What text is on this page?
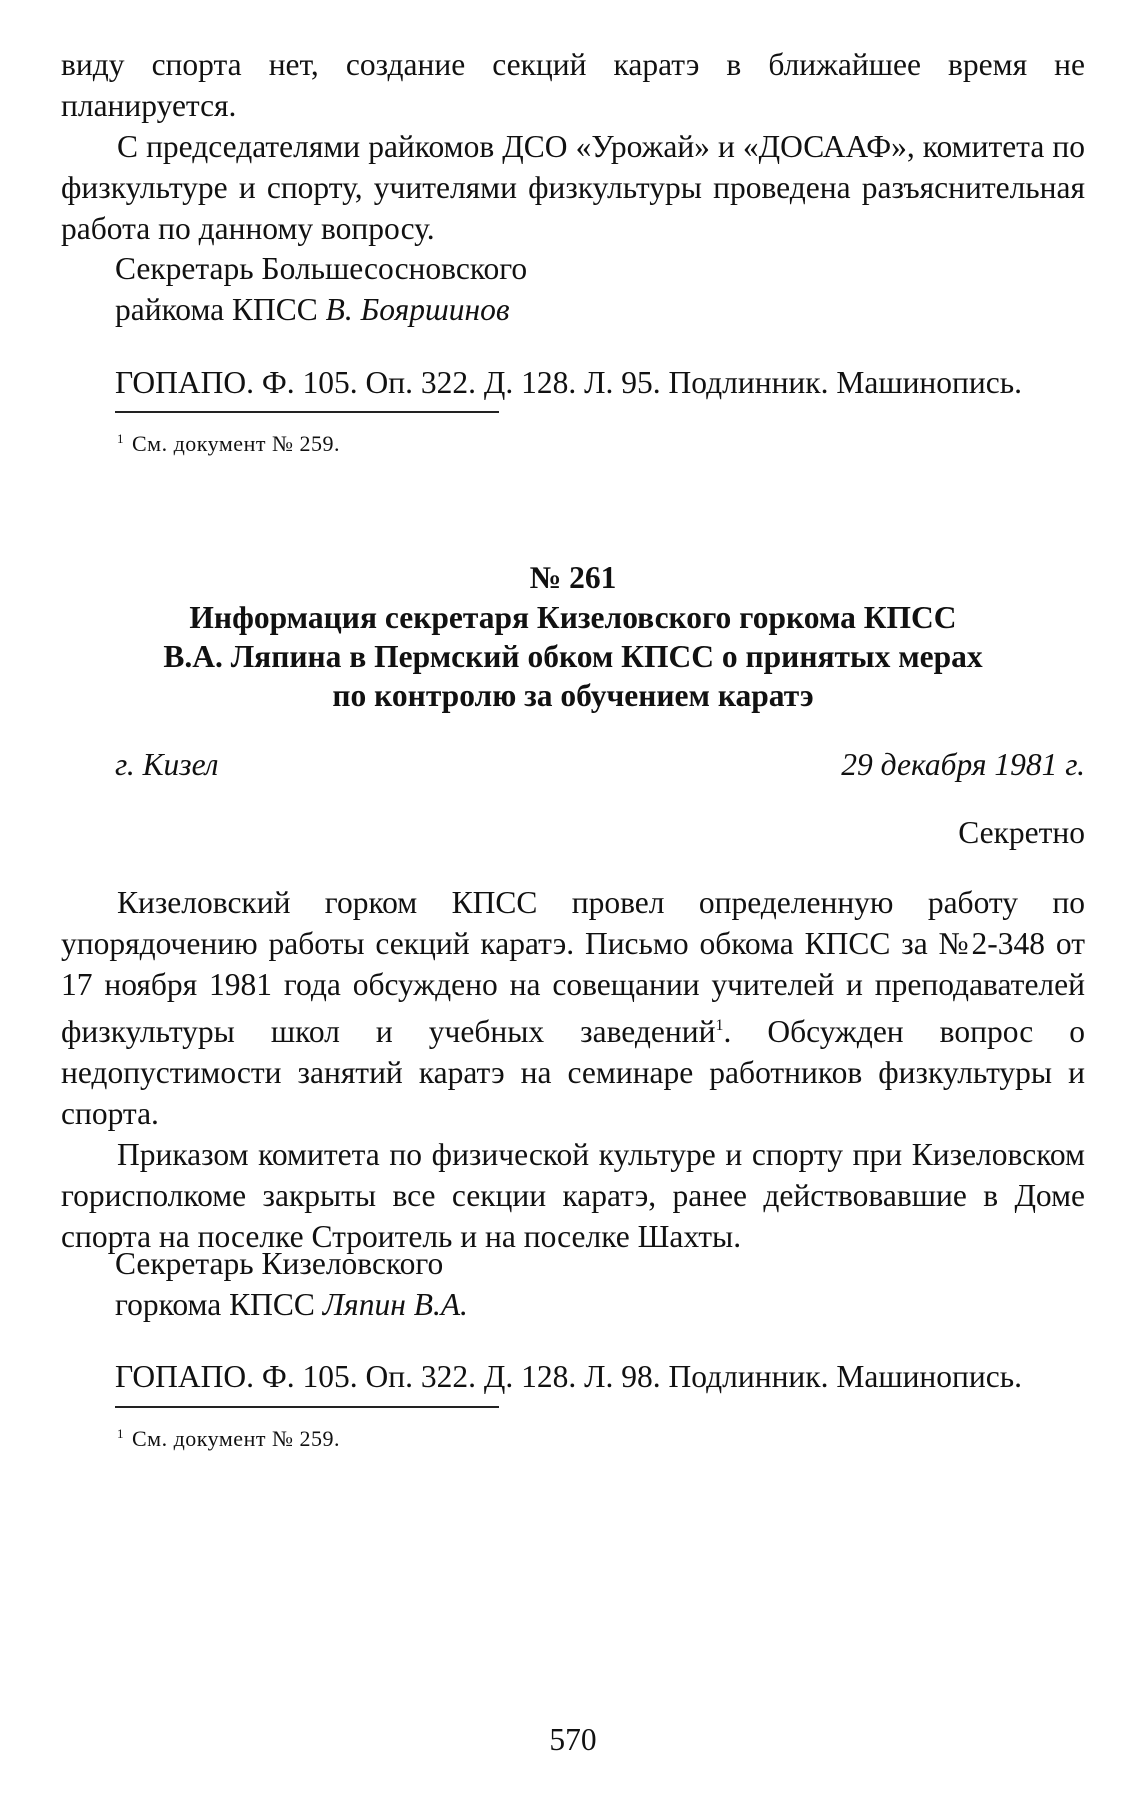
виду спорта нет, создание секций каратэ в ближайшее время не планируется.

С председателями райкомов ДСО «Урожай» и «ДОСААФ», комитета по физкультуре и спорту, учителями физкультуры проведена разъяснительная работа по данному вопросу.

Секретарь Большесосновского

райкома КПСС В. Бояршинов

ГОПАПО. Ф. 105. Оп. 322. Д. 128. Л. 95. Подлинник. Машинопись.

$^1$ См. документ № 259.

№ 261

Информация секретаря Кизеловского горкома КПСС

В.А. Ляпина в Пермский обком КПСС о принятых мерах

по контролю за обучением каратэ

г. Кизел	29 декабря 1981 г.

Секретно

Кизеловский горком КПСС провел определенную работу по упорядочению работы секций каратэ. Письмо обкома КПСС за №2-348 от 17 ноября 1981 года обсуждено на совещании учителей и преподавателей физкультуры школ и учебных заведений$^1$. Обсужден вопрос о недопустимости занятий каратэ на семинаре работников физкультуры и спорта.

Приказом комитета по физической культуре и спорту при Кизеловском горисполкоме закрыты все секции каратэ, ранее действовавшие в Доме спорта на поселке Строитель и на поселке Шахты.

Секретарь Кизеловского

горкома КПСС Ляпин В.А.

ГОПАПО. Ф. 105. Оп. 322. Д. 128. Л. 98. Подлинник. Машинопись.

$^1$ См. документ № 259.

570
